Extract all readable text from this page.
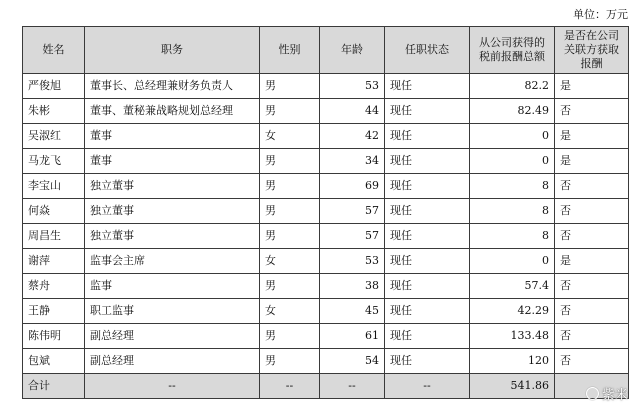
单位：万元
姓名	职务	性别	年龄	任职状态	从公司获得的税前报酬总额	是否在公司关联方获取报酬
严俊旭	董事长、总经理兼财务负责人	男	53	现任	82.2	是
朱彬	董事、董秘兼战略规划总经理	男	44	现任	82.49	否
吴淑红	董事	女	42	现任	0	是
马龙飞	董事	男	34	现任	0	是
李宝山	独立董事	男	69	现任	8	否
何焱	独立董事	男	57	现任	8	否
周昌生	独立董事	男	57	现任	8	否
谢萍	监事会主席	女	53	现任	0	是
蔡舟	监事	男	38	现任	57.4	否
王静	职工监事	女	45	现任	42.29	否
陈伟明	副总经理	男	61	现任	133.48	否
包斌	副总经理	男	54	现任	120	否
合计	--	--	--	--	541.86	
紫米
